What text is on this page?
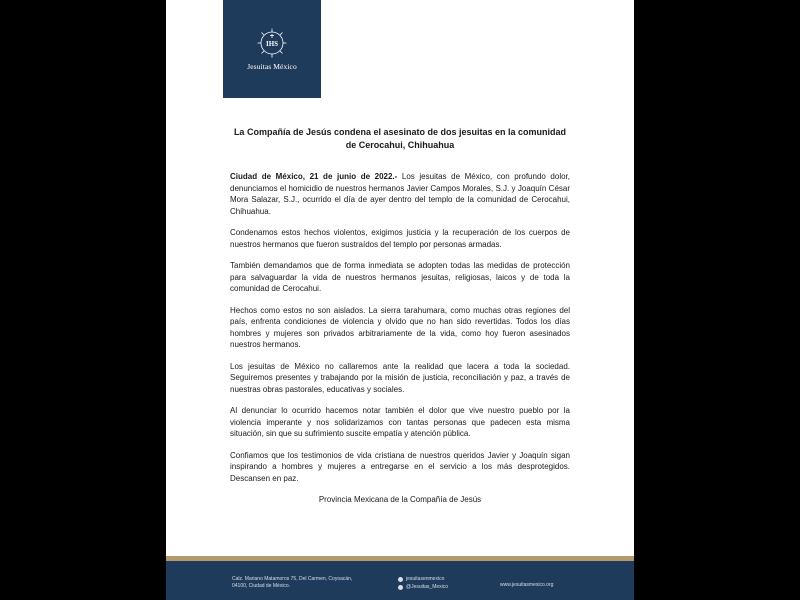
IHS
Jesuitas México

La Compañía de Jesús condena el asesinato de dos jesuitas en la comunidad de Cerocahui, Chihuahua

Ciudad de México, 21 de junio de 2022.- Los jesuitas de México, con profundo dolor, denunciamos el homicidio de nuestros hermanos Javier Campos Morales, S.J. y Joaquín César Mora Salazar, S.J., ocurrido el día de ayer dentro del templo de la comunidad de Cerocahui, Chihuahua.

Condenamos estos hechos violentos, exigimos justicia y la recuperación de los cuerpos de nuestros hermanos que fueron sustraídos del templo por personas armadas.

También demandamos que de forma inmediata se adopten todas las medidas de protección para salvaguardar la vida de nuestros hermanos jesuitas, religiosas, laicos y de toda la comunidad de Cerocahui.

Hechos como estos no son aislados. La sierra tarahumara, como muchas otras regiones del país, enfrenta condiciones de violencia y olvido que no han sido revertidas. Todos los días hombres y mujeres son privados arbitrariamente de la vida, como hoy fueron asesinados nuestros hermanos.

Los jesuitas de México no callaremos ante la realidad que lacera a toda la sociedad. Seguiremos presentes y trabajando por la misión de justicia, reconciliación y paz, a través de nuestras obras pastorales, educativas y sociales.

Al denunciar lo ocurrido hacemos notar también el dolor que vive nuestro pueblo por la violencia imperante y nos solidarizamos con tantas personas que padecen esta misma situación, sin que su sufrimiento suscite empatía y atención pública.

Confiamos que los testimonios de vida cristiana de nuestros queridos Javier y Joaquín sigan inspirando a hombres y mujeres a entregarse en el servicio a los más desprotegidos. Descansen en paz.

Provincia Mexicana de la Compañía de Jesús

Calz. Mariano Matamoros 75, Del Carmen, Coyoacán,
04100, Ciudad de México.
jesuitasenmexico
@Jesuitas_Mexico	www.jesuitasmexico.org
